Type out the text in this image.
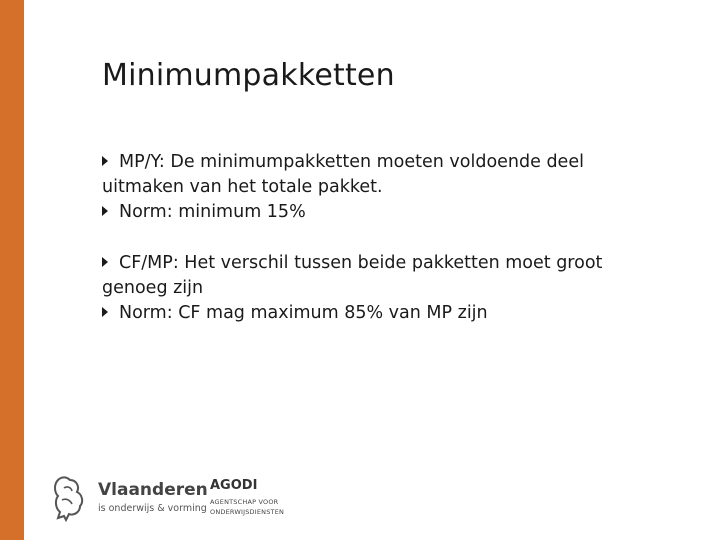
Minimumpakketten

MP/Y: De minimumpakketten moeten voldoende deel uitmaken van het totale pakket.

Norm: minimum 15%

CF/MP: Het verschil tussen beide pakketten moet groot genoeg zijn

Norm: CF mag maximum 85% van MP zijn

Vlaanderen
is onderwijs & vorming
AGODI
AGENTSCHAP VOOR
ONDERWIJSDIENSTEN
